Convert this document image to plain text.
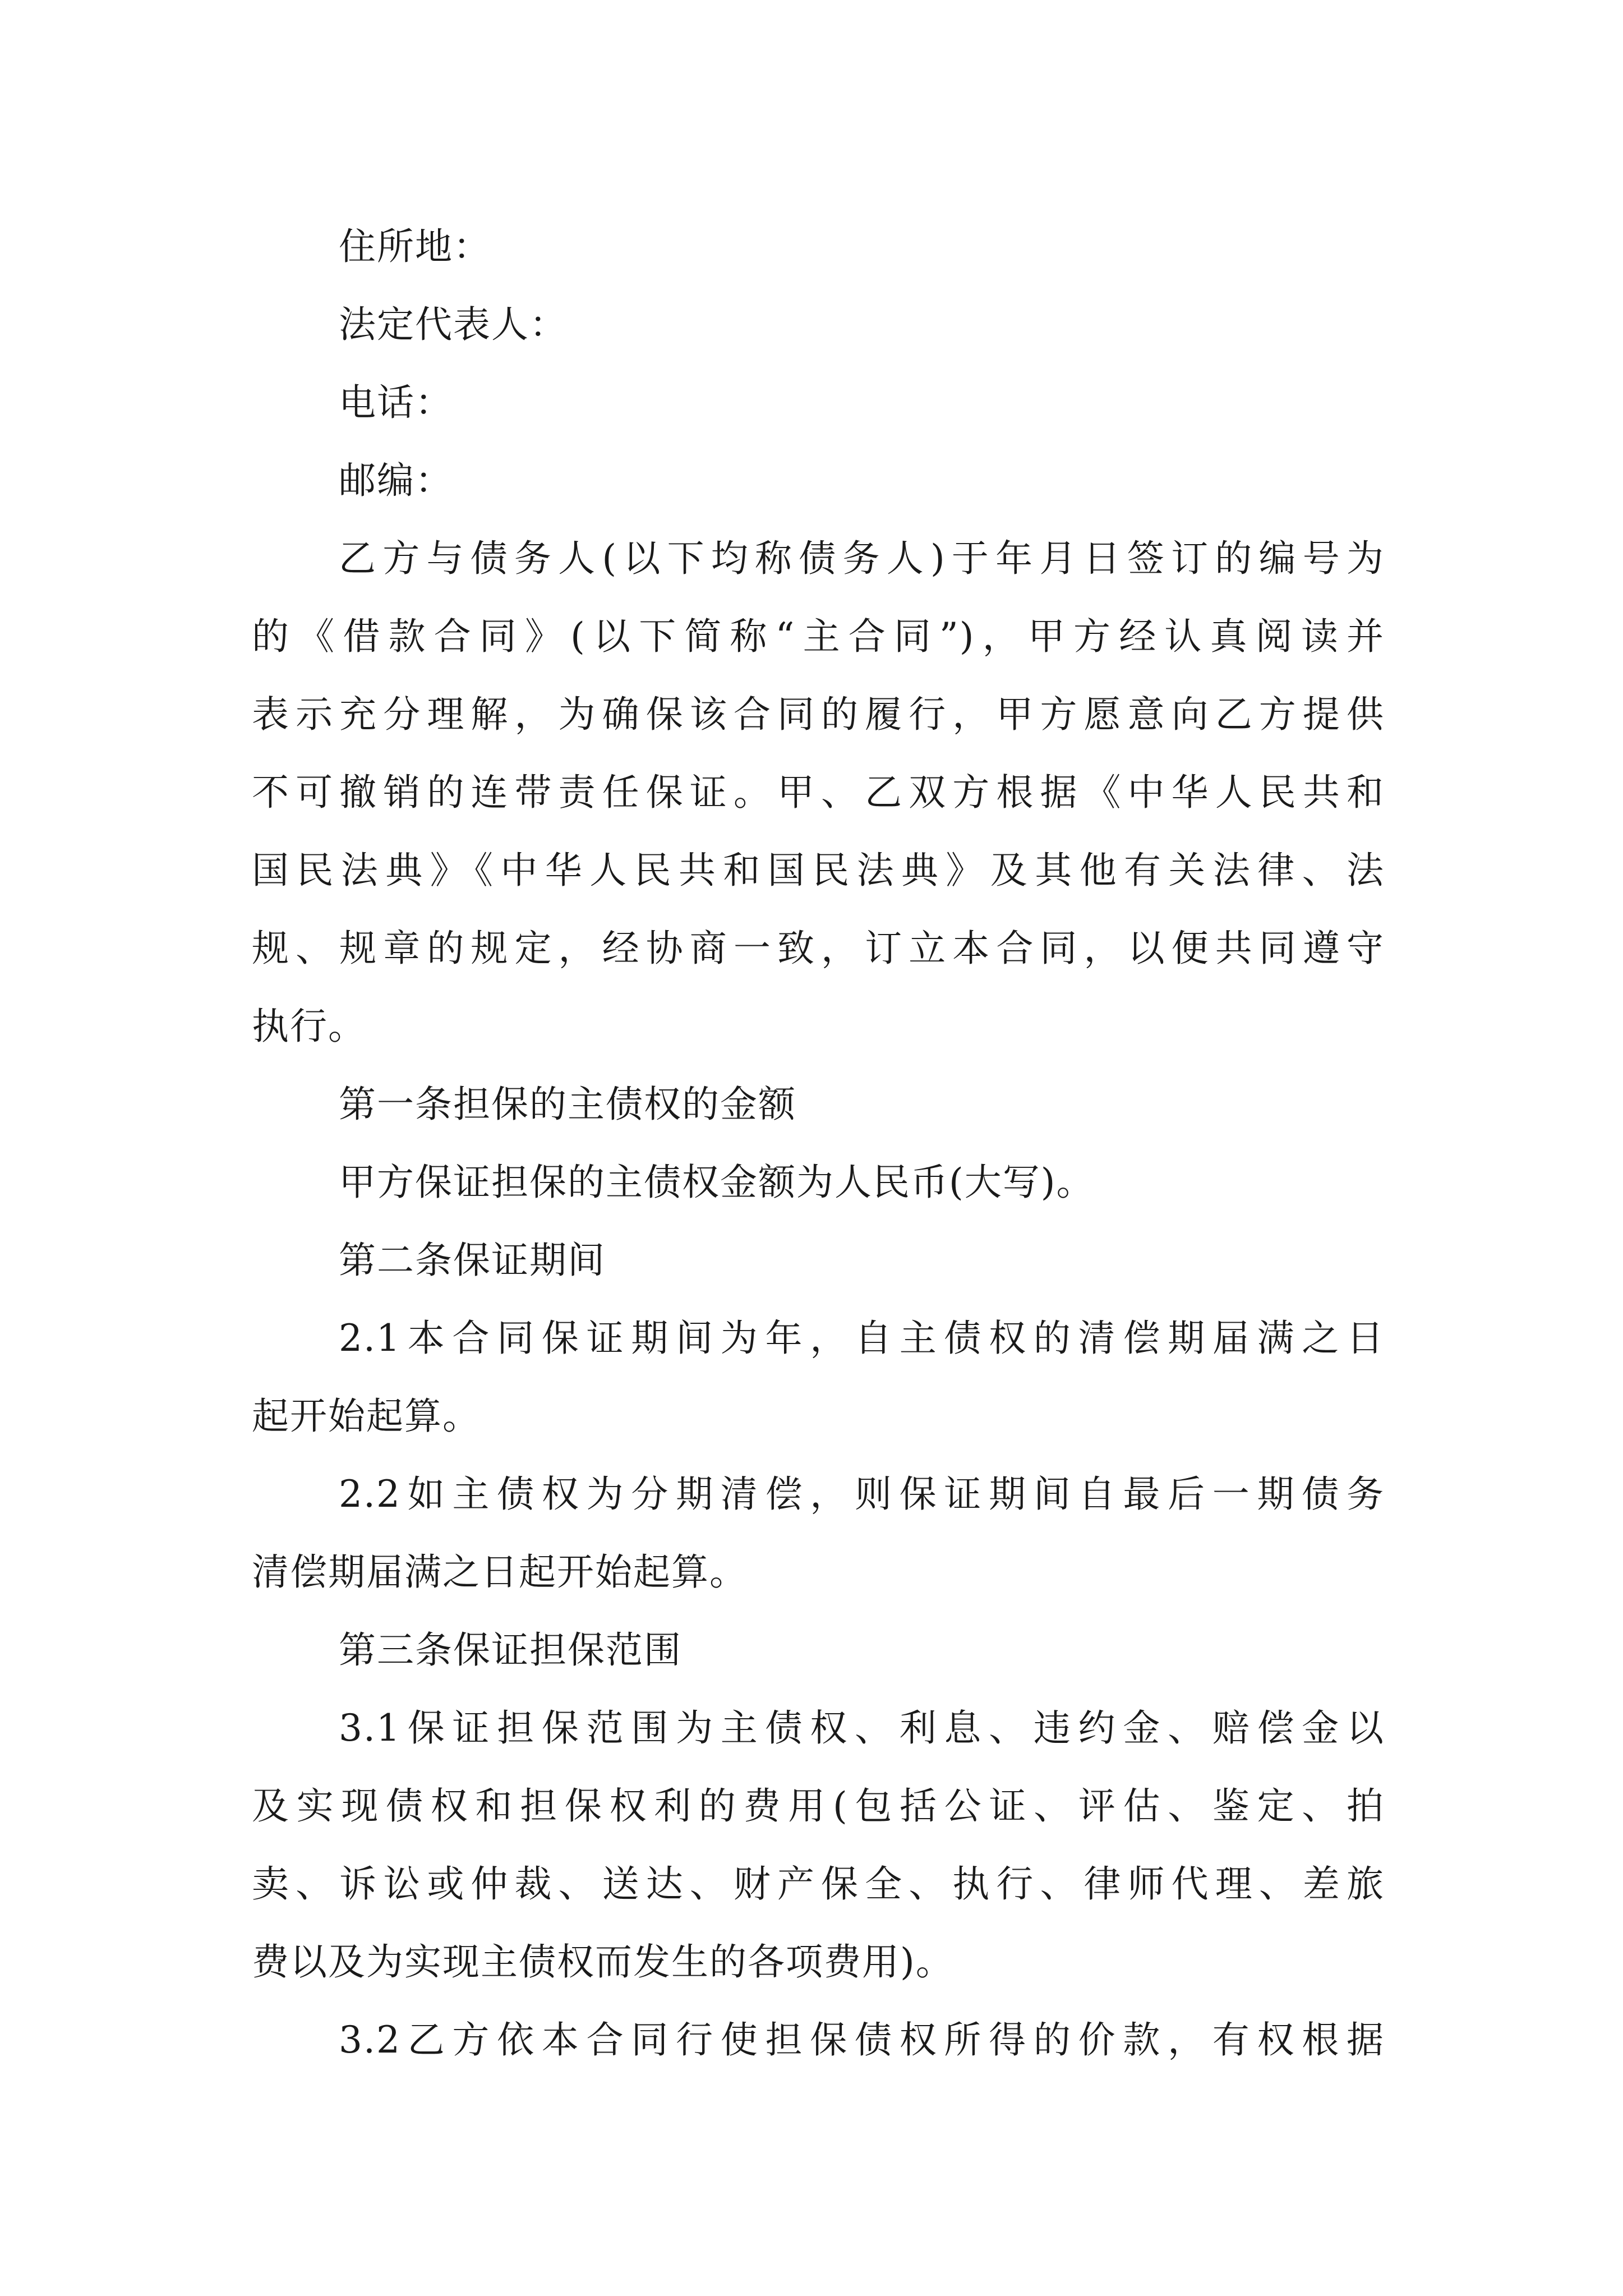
住所地：
法定代表人：
电话：
邮编：
乙方与债务人(以下均称债务人)于年月日签订的编号为
的《借款合同》(以下简称“主合同”)，甲方经认真阅读并
表示充分理解，为确保该合同的履行，甲方愿意向乙方提供
不可撤销的连带责任保证。甲、乙双方根据《中华人民共和
国民法典》《中华人民共和国民法典》及其他有关法律、法
规、规章的规定，经协商一致，订立本合同，以便共同遵守
执行。
第一条担保的主债权的金额
甲方保证担保的主债权金额为人民币(大写)。
第二条保证期间
2.1本合同保证期间为年，自主债权的清偿期届满之日
起开始起算。
2.2如主债权为分期清偿，则保证期间自最后一期债务
清偿期届满之日起开始起算。
第三条保证担保范围
3.1保证担保范围为主债权、利息、违约金、赔偿金以
及实现债权和担保权利的费用(包括公证、评估、鉴定、拍
卖、诉讼或仲裁、送达、财产保全、执行、律师代理、差旅
费以及为实现主债权而发生的各项费用)。
3.2乙方依本合同行使担保债权所得的价款，有权根据
